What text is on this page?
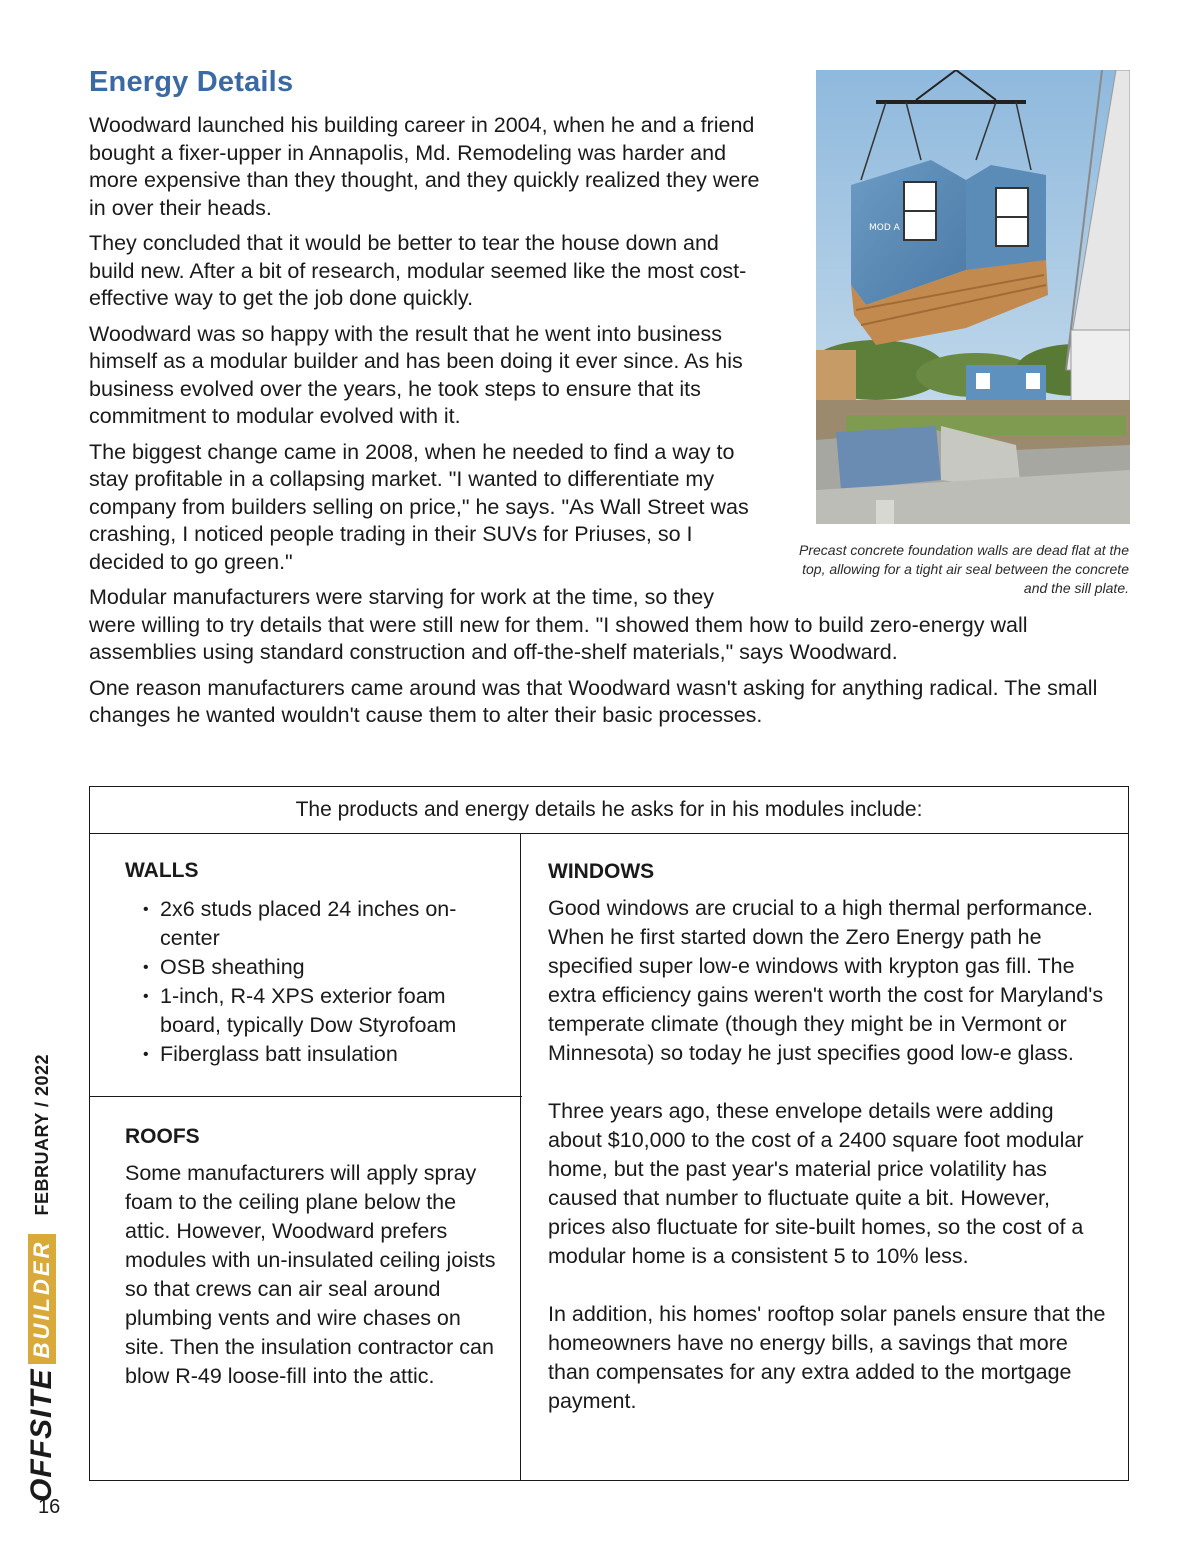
Energy Details

Woodward launched his building career in 2004, when he and a friend bought a fixer-upper in Annapolis, Md. Remodeling was harder and more expensive than they thought, and they quickly realized they were in over their heads.

They concluded that it would be better to tear the house down and build new. After a bit of research, modular seemed like the most cost-effective way to get the job done quickly.

Woodward was so happy with the result that he went into business himself as a modular builder and has been doing it ever since. As his business evolved over the years, he took steps to ensure that its commitment to modular evolved with it.

The biggest change came in 2008, when he needed to find a way to stay profitable in a collapsing market. "I wanted to differentiate my company from builders selling on price," he says. "As Wall Street was crashing, I noticed people trading in their SUVs for Priuses, so I decided to go green."

Modular manufacturers were starving for work at the time, so they were willing to try details that were still new for them. "I showed them how to build zero-energy wall assemblies using standard construction and off-the-shelf materials," says Woodward.

One reason manufacturers came around was that Woodward wasn't asking for anything radical. The small changes he wanted wouldn't cause them to alter their basic processes.

MOD A
Precast concrete foundation walls are dead flat at the top, allowing for a tight air seal between the concrete and the sill plate.
The products and energy details he asks for in his modules include:
WALLS
• 2x6 studs placed 24 inches on-center
• OSB sheathing
• 1-inch, R-4 XPS exterior foam board, typically Dow Styrofoam
• Fiberglass batt insulation
ROOFS

Some manufacturers will apply spray foam to the ceiling plane below the attic. However, Woodward prefers modules with un-insulated ceiling joists so that crews can air seal around plumbing vents and wire chases on site. Then the insulation contractor can blow R-49 loose-fill into the attic.

WINDOWS

Good windows are crucial to a high thermal performance. When he first started down the Zero Energy path he specified super low-e windows with krypton gas fill. The extra efficiency gains weren't worth the cost for Maryland's temperate climate (though they might be in Vermont or Minnesota) so today he just specifies good low-e glass.

Three years ago, these envelope details were adding about $10,000 to the cost of a 2400 square foot modular home, but the past year's material price volatility has caused that number to fluctuate quite a bit. However, prices also fluctuate for site-built homes, so the cost of a modular home is a consistent 5 to 10% less.

In addition, his homes' rooftop solar panels ensure that the homeowners have no energy bills, a savings that more than compensates for any extra added to the mortgage payment.

OFFSITE
BUILDER
FEBRUARY / 2022
16
